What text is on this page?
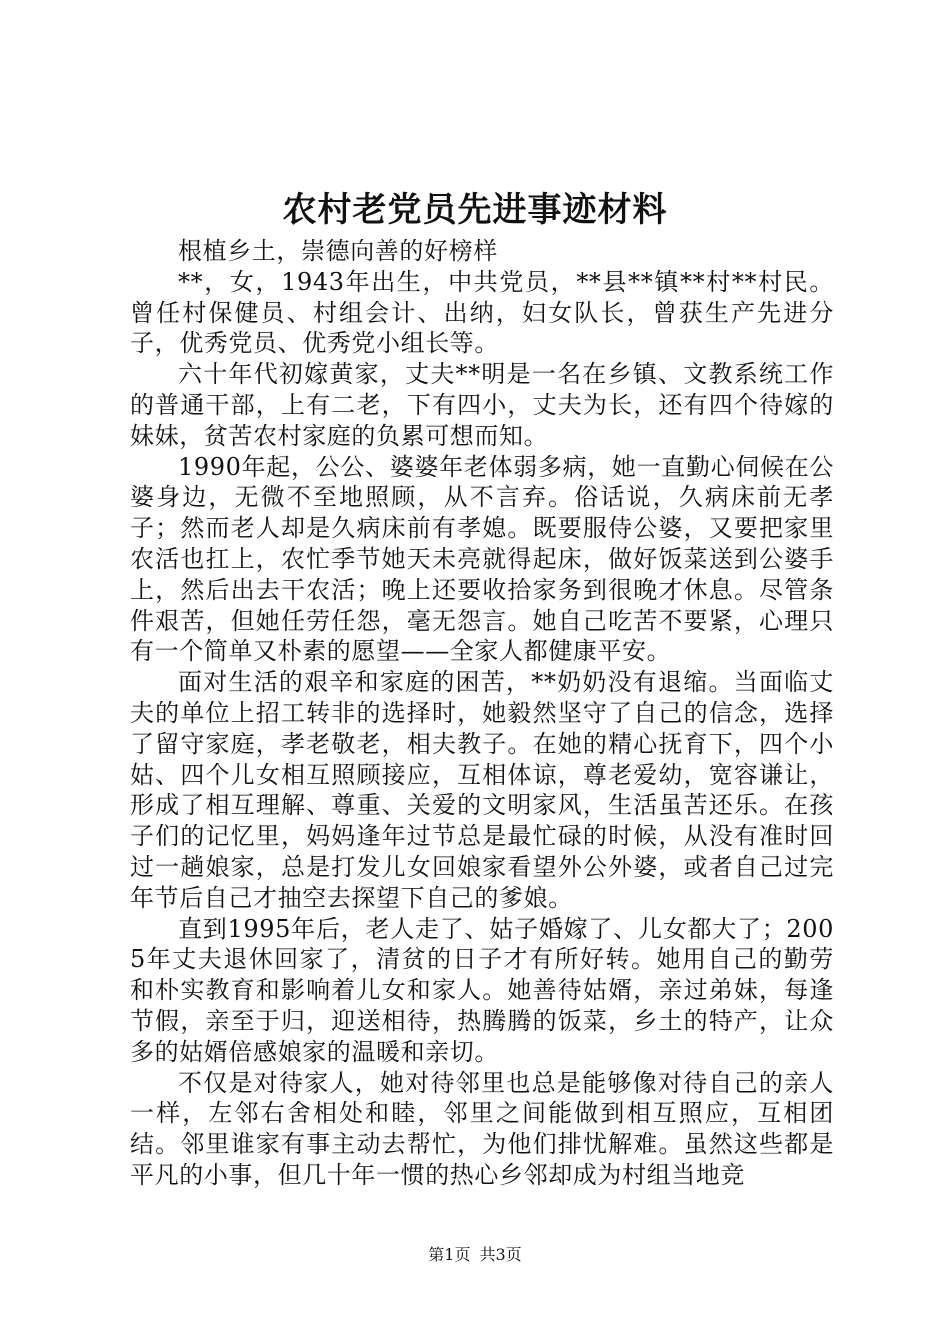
农村老党员先进事迹材料

根植乡土，崇德向善的好榜样

**，女，1943年出生，中共党员，**县**镇**村**村民。曾任村保健员、村组会计、出纳，妇女队长，曾获生产先进分子，优秀党员、优秀党小组长等。

六十年代初嫁黄家，丈夫**明是一名在乡镇、文教系统工作的普通干部，上有二老，下有四小，丈夫为长，还有四个待嫁的妹妹，贫苦农村家庭的负累可想而知。

1990年起，公公、婆婆年老体弱多病，她一直勤心伺候在公婆身边，无微不至地照顾，从不言弃。俗话说，久病床前无孝子；然而老人却是久病床前有孝媳。既要服侍公婆，又要把家里农活也扛上，农忙季节她天未亮就得起床，做好饭菜送到公婆手上，然后出去干农活；晚上还要收拾家务到很晚才休息。尽管条件艰苦，但她任劳任怨，毫无怨言。她自己吃苦不要紧，心理只有一个简单又朴素的愿望——全家人都健康平安。

面对生活的艰辛和家庭的困苦，**奶奶没有退缩。当面临丈夫的单位上招工转非的选择时，她毅然坚守了自己的信念，选择了留守家庭，孝老敬老，相夫教子。在她的精心抚育下，四个小姑、四个儿女相互照顾接应，互相体谅，尊老爱幼，宽容谦让，形成了相互理解、尊重、关爱的文明家风，生活虽苦还乐。在孩子们的记忆里，妈妈逢年过节总是最忙碌的时候，从没有准时回过一趟娘家，总是打发儿女回娘家看望外公外婆，或者自己过完年节后自己才抽空去探望下自己的爹娘。

直到1995年后，老人走了、姑子婚嫁了、儿女都大了；2005年丈夫退休回家了，清贫的日子才有所好转。她用自己的勤劳和朴实教育和影响着儿女和家人。她善待姑婿，亲过弟妹，每逢节假，亲至于归，迎送相待，热腾腾的饭菜，乡土的特产，让众多的姑婿倍感娘家的温暖和亲切。

不仅是对待家人，她对待邻里也总是能够像对待自己的亲人一样，左邻右舍相处和睦，邻里之间能做到相互照应，互相团结。邻里谁家有事主动去帮忙，为他们排忧解难。虽然这些都是平凡的小事，但几十年一惯的热心乡邻却成为村组当地竞

第1页 共3页
